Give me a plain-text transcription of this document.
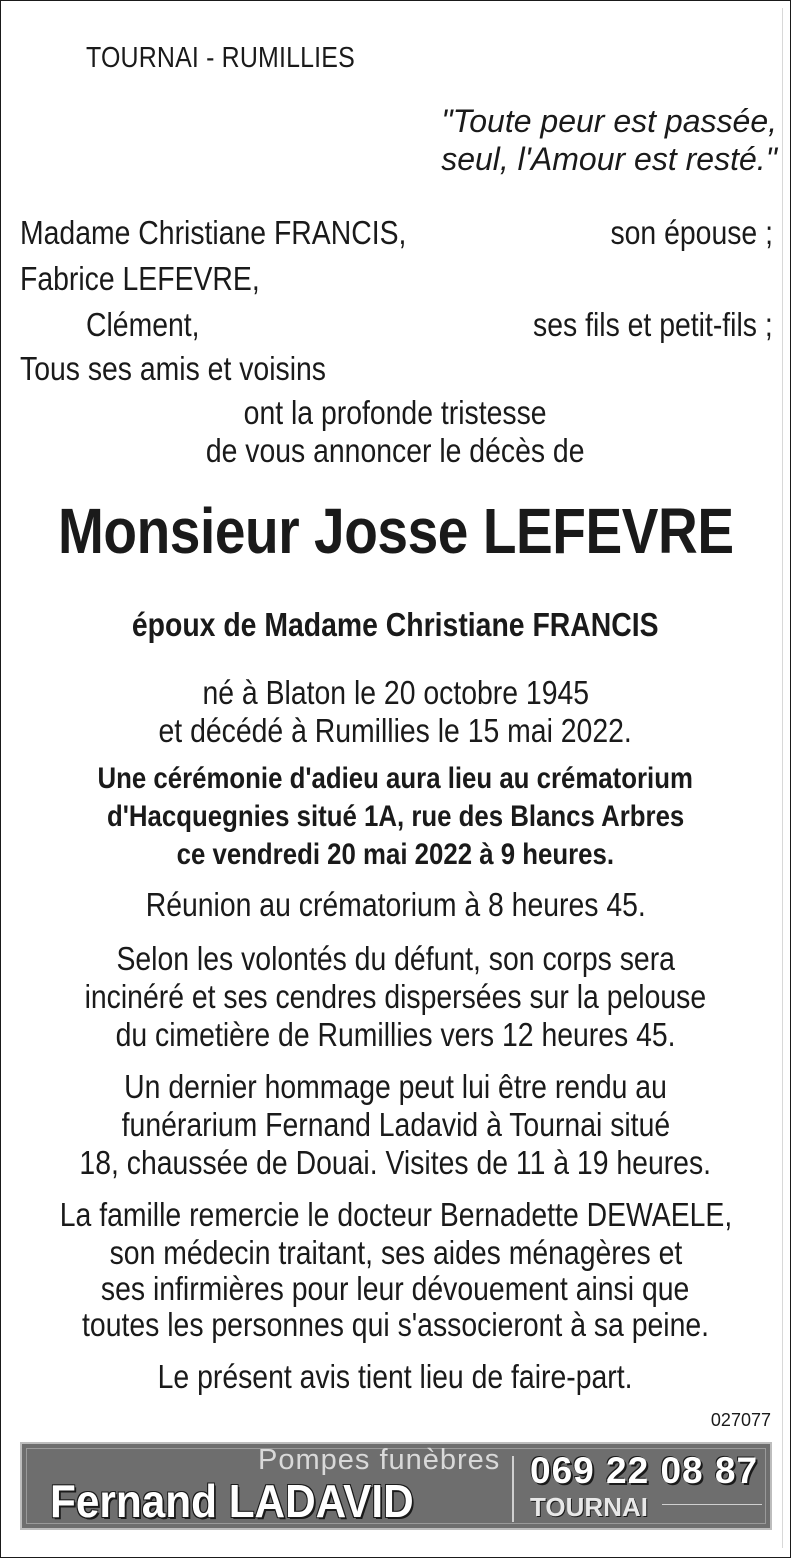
TOURNAI - RUMILLIES
"Toute peur est passée,
seul, l'Amour est resté."
Madame Christiane FRANCIS,	son épouse ;
Fabrice LEFEVRE,
Clément,	ses fils et petit-fils ;
Tous ses amis et voisins
ont la profonde tristesse
de vous annoncer le décès de
Monsieur Josse LEFEVRE
époux de Madame Christiane FRANCIS
né à Blaton le 20 octobre 1945
et décédé à Rumillies le 15 mai 2022.
Une cérémonie d'adieu aura lieu au crématorium
d'Hacquegnies situé 1A, rue des Blancs Arbres
ce vendredi 20 mai 2022 à 9 heures.
Réunion au crématorium à 8 heures 45.
Selon les volontés du défunt, son corps sera
incinéré et ses cendres dispersées sur la pelouse
du cimetière de Rumillies vers 12 heures 45.
Un dernier hommage peut lui être rendu au
funérarium Fernand Ladavid à Tournai situé
18, chaussée de Douai. Visites de 11 à 19 heures.
La famille remercie le docteur Bernadette DEWAELE,
son médecin traitant, ses aides ménagères et
ses infirmières pour leur dévouement ainsi que
toutes les personnes qui s'associeront à sa peine.
Le présent avis tient lieu de faire-part.
027077
Pompes funèbres
Fernand LADAVID
069 22 08 87
TOURNAI
